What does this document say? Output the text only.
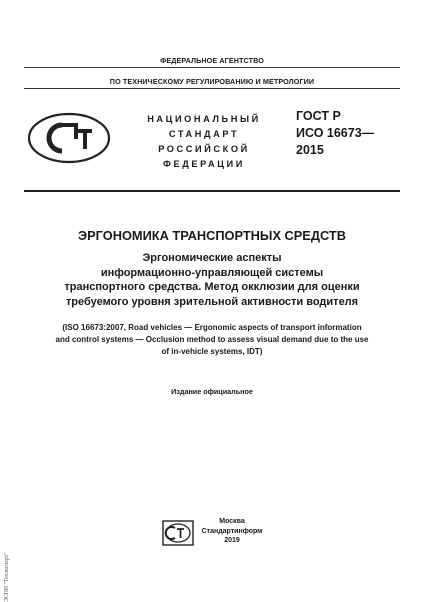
ФЕДЕРАЛЬНОЕ АГЕНТСТВО
ПО ТЕХНИЧЕСКОМУ РЕГУЛИРОВАНИЮ И МЕТРОЛОГИИ
НАЦИОНАЛЬНЫЙ
СТАНДАРТ
РОССИЙСКОЙ
ФЕДЕРАЦИИ
ГОСТ Р
ИСО 16673—
2015
ЭРГОНОМИКА ТРАНСПОРТНЫХ СРЕДСТВ
Эргономические аспекты
информационно-управляющей системы
транспортного средства. Метод окклюзии для оценки
требуемого уровня зрительной активности водителя
(ISO 16673:2007, Road vehicles — Ergonomic aspects of transport information
and control systems — Occlusion method to assess visual demand due to the use
of in-vehicle systems, IDT)
Издание официальное
Москва
Стандартинформ
2019
ЭСПИ "Техэксперт"
